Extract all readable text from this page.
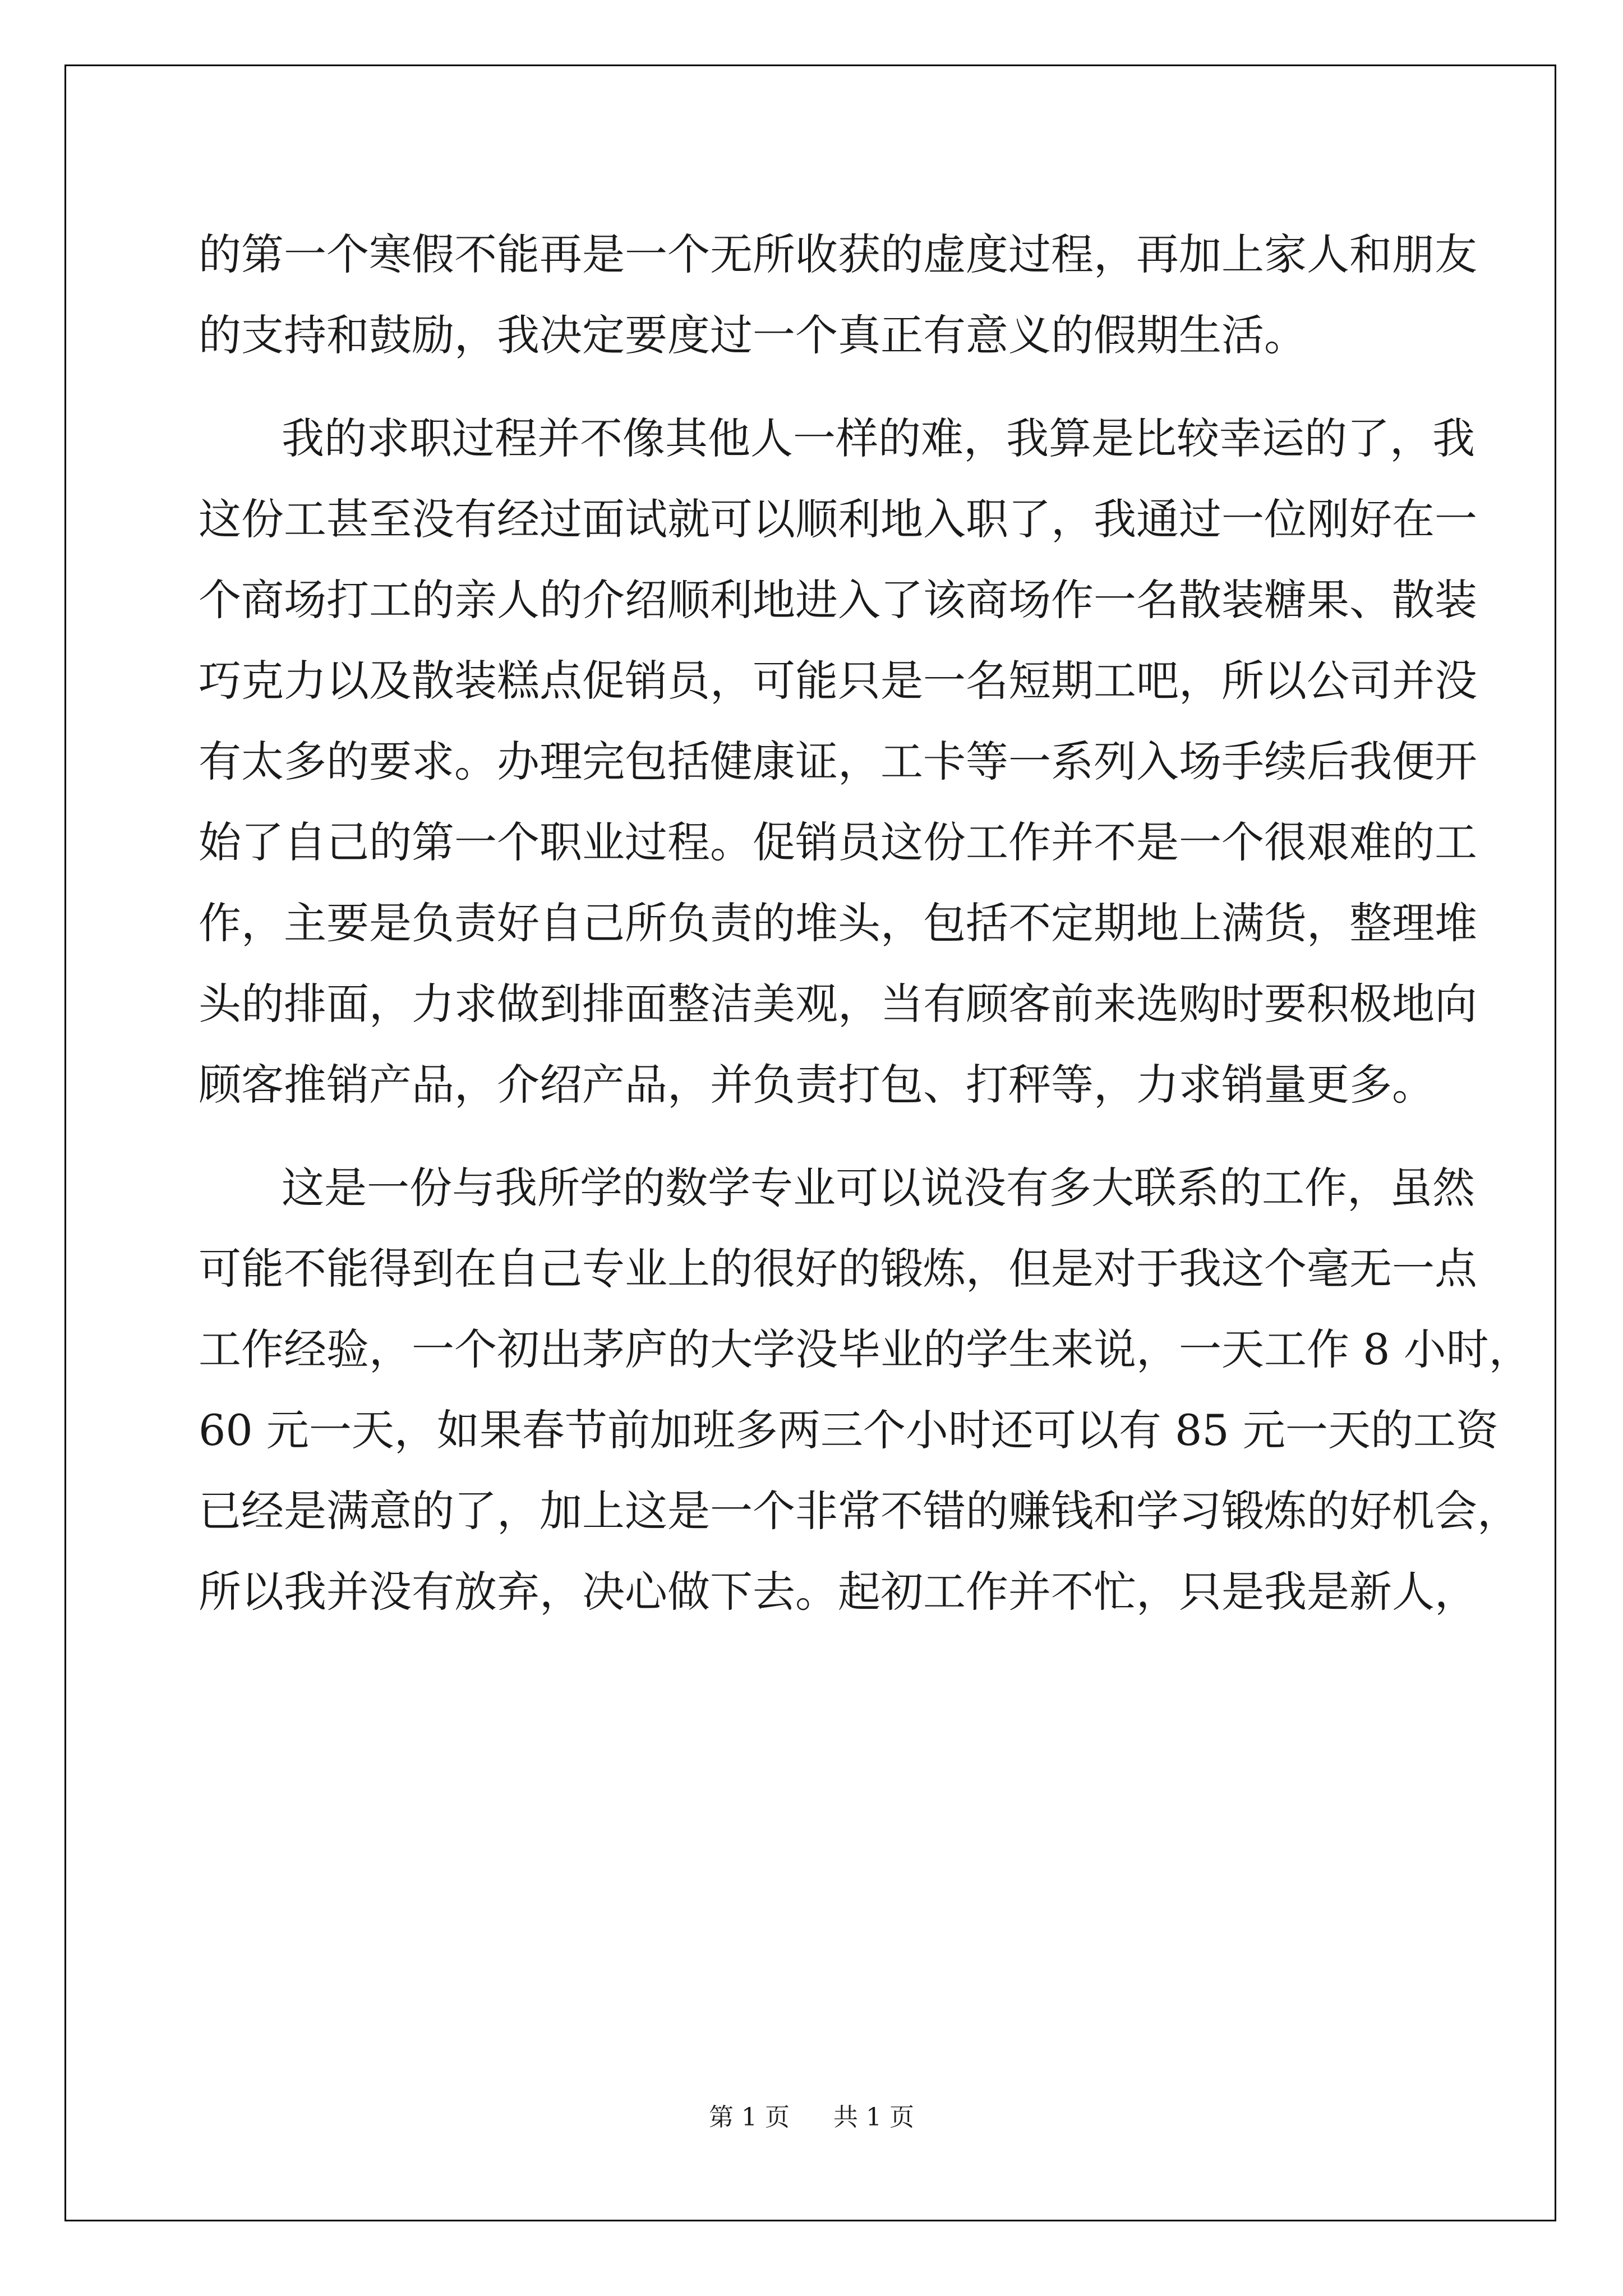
的第一个寒假不能再是一个无所收获的虚度过程，再加上家人和朋友
的支持和鼓励，我决定要度过一个真正有意义的假期生活。
我的求职过程并不像其他人一样的难，我算是比较幸运的了，我
这份工甚至没有经过面试就可以顺利地入职了，我通过一位刚好在一
个商场打工的亲人的介绍顺利地进入了该商场作一名散装糖果、散装
巧克力以及散装糕点促销员，可能只是一名短期工吧，所以公司并没
有太多的要求。办理完包括健康证，工卡等一系列入场手续后我便开
始了自己的第一个职业过程。促销员这份工作并不是一个很艰难的工
作，主要是负责好自己所负责的堆头，包括不定期地上满货，整理堆
头的排面，力求做到排面整洁美观，当有顾客前来选购时要积极地向
顾客推销产品，介绍产品，并负责打包、打秤等，力求销量更多。
这是一份与我所学的数学专业可以说没有多大联系的工作，虽然
可能不能得到在自己专业上的很好的锻炼，但是对于我这个毫无一点
工作经验，一个初出茅庐的大学没毕业的学生来说，一天工作 8 小时，
60 元一天，如果春节前加班多两三个小时还可以有 85 元一天的工资
已经是满意的了，加上这是一个非常不错的赚钱和学习锻炼的好机会，
所以我并没有放弃，决心做下去。起初工作并不忙，只是我是新人，
第 1 页 共 1 页
